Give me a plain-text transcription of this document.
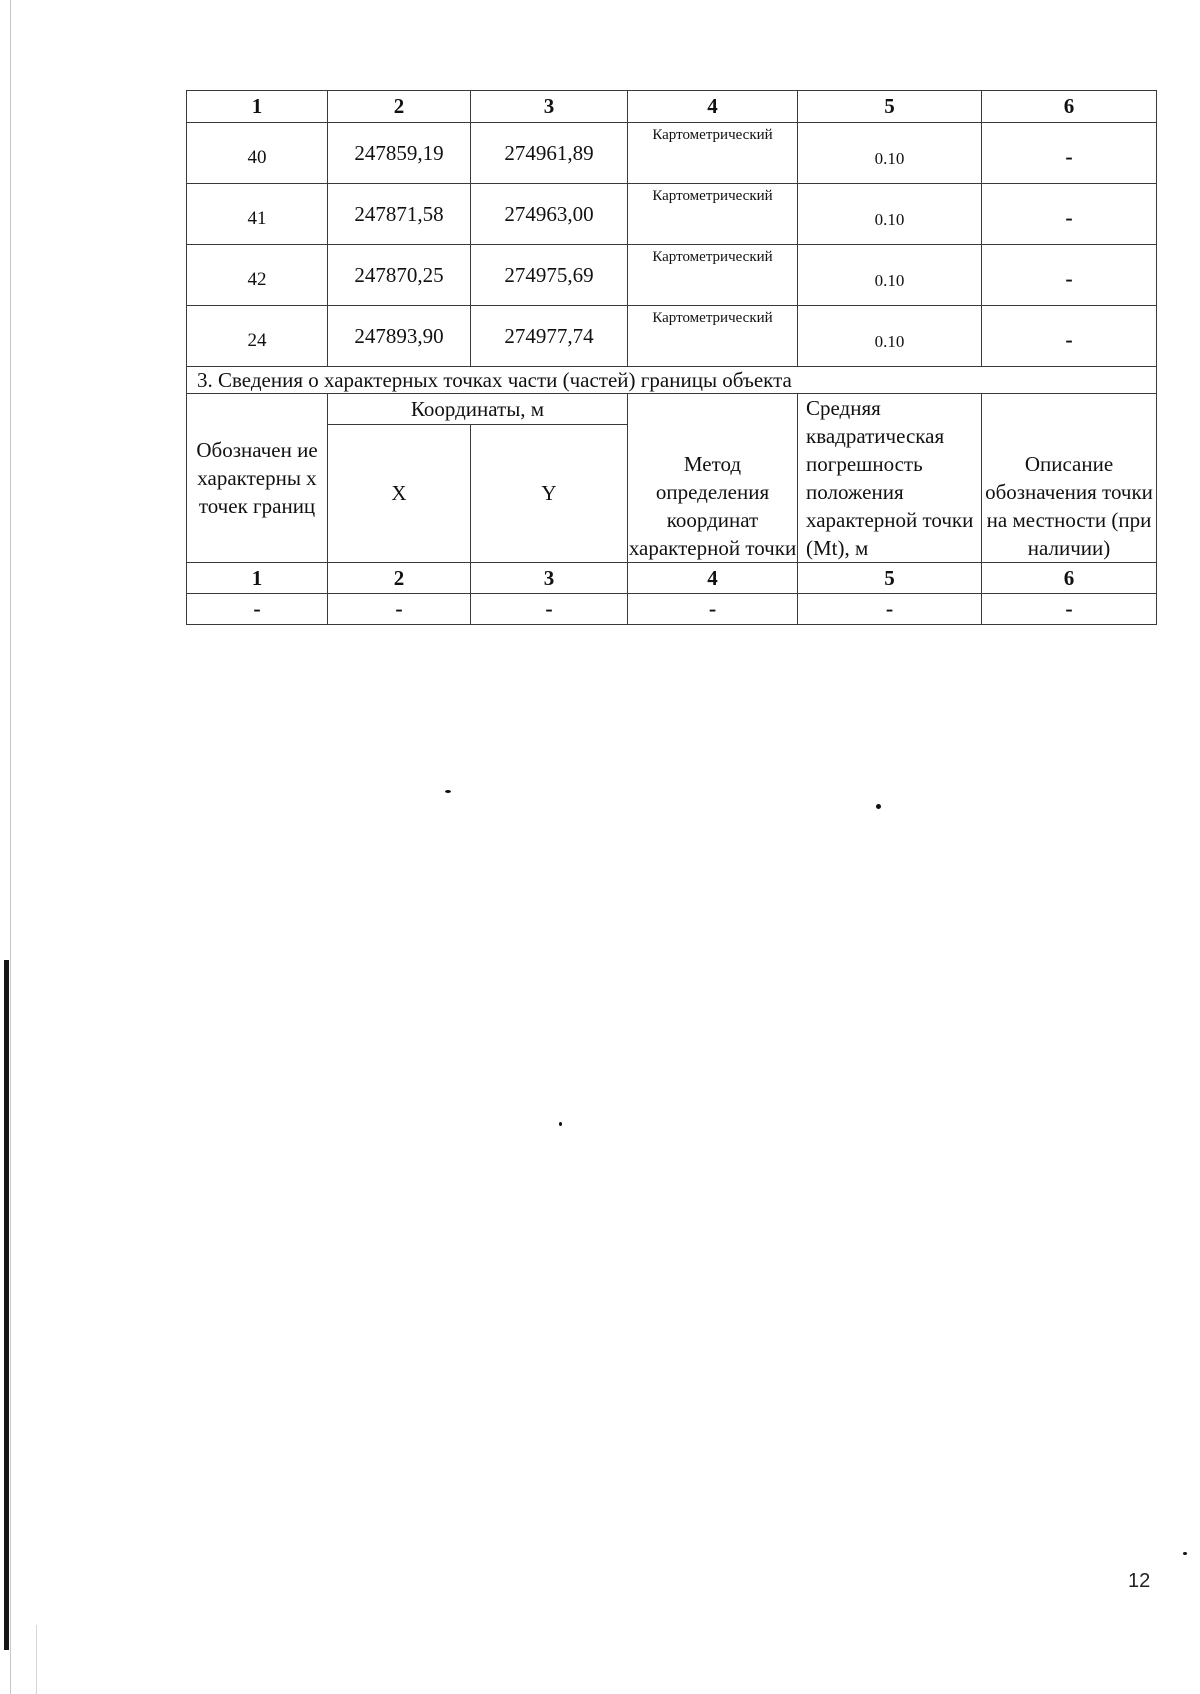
1	2	3	4	5	6
40	247859,19	274961,89	Картометрический	0.10	-
41	247871,58	274963,00	Картометрический	0.10	-
42	247870,25	274975,69	Картометрический	0.10	-
24	247893,90	274977,74	Картометрический	0.10	-
3. Сведения о характерных точках части (частей) границы объекта					
Обозначен ие характерны х точек границ	Координаты, м		Метод определения координат характерной точки	Средняя квадратическая погрешность положения характерной точки (Mt), м	Описание обозначения точки на местности (при наличии)
	X	Y			
1	2	3	4	5	6
-	-	-	-	-	-
12
